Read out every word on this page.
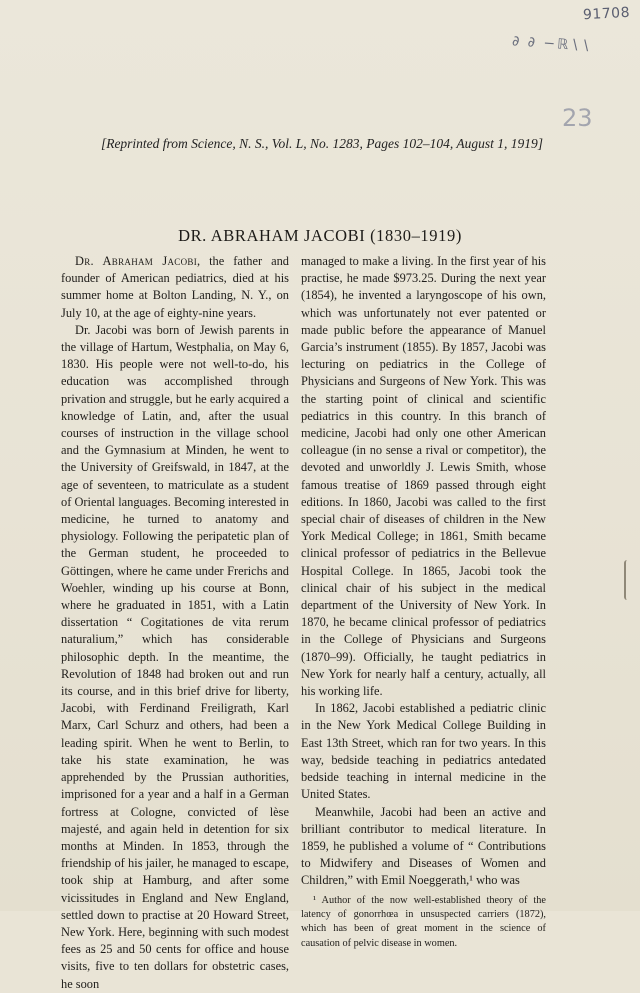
91708
∂ ∂ −ℝ∖∖
23
[Reprinted from Science, N. S., Vol. L, No. 1283, Pages 102–104, August 1, 1919]
DR. ABRAHAM JACOBI (1830–1919)

Dr. Abraham Jacobi, the father and founder of American pediatrics, died at his summer home at Bolton Landing, N. Y., on July 10, at the age of eighty-nine years.

Dr. Jacobi was born of Jewish parents in the village of Hartum, Westphalia, on May 6, 1830. His people were not well-to-do, his education was accomplished through privation and struggle, but he early acquired a knowledge of Latin, and, after the usual courses of instruction in the village school and the Gymnasium at Minden, he went to the University of Greifswald, in 1847, at the age of seventeen, to matriculate as a student of Oriental languages. Becoming interested in medicine, he turned to anatomy and physiology. Following the peripatetic plan of the German student, he proceeded to Göttingen, where he came under Frerichs and Woehler, winding up his course at Bonn, where he graduated in 1851, with a Latin dissertation “ Cogitationes de vita rerum naturalium,” which has considerable philosophic depth. In the meantime, the Revolution of 1848 had broken out and run its course, and in this brief drive for liberty, Jacobi, with Ferdinand Freiligrath, Karl Marx, Carl Schurz and others, had been a leading spirit. When he went to Berlin, to take his state examination, he was apprehended by the Prussian authorities, imprisoned for a year and a half in a German fortress at Cologne, convicted of lèse majesté, and again held in detention for six months at Minden. In 1853, through the friendship of his jailer, he managed to escape, took ship at Hamburg, and after some vicissitudes in England and New England, settled down to practise at 20 Howard Street, New York. Here, beginning with such modest fees as 25 and 50 cents for office and house visits, five to ten dollars for obstetric cases, he soon

managed to make a living. In the first year of his practise, he made $973.25. During the next year (1854), he invented a laryngoscope of his own, which was unfortunately not ever patented or made public before the appearance of Manuel Garcia’s instrument (1855). By 1857, Jacobi was lecturing on pediatrics in the College of Physicians and Surgeons of New York. This was the starting point of clinical and scientific pediatrics in this country. In this branch of medicine, Jacobi had only one other American colleague (in no sense a rival or competitor), the devoted and unworldly J. Lewis Smith, whose famous treatise of 1869 passed through eight editions. In 1860, Jacobi was called to the first special chair of diseases of children in the New York Medical College; in 1861, Smith became clinical professor of pediatrics in the Bellevue Hospital College. In 1865, Jacobi took the clinical chair of his subject in the medical department of the University of New York. In 1870, he became clinical professor of pediatrics in the College of Physicians and Surgeons (1870–99). Officially, he taught pediatrics in New York for nearly half a century, actually, all his working life.

In 1862, Jacobi established a pediatric clinic in the New York Medical College Building in East 13th Street, which ran for two years. In this way, bedside teaching in pediatrics antedated bedside teaching in internal medicine in the United States.

Meanwhile, Jacobi had been an active and brilliant contributor to medical literature. In 1859, he published a volume of “ Contributions to Midwifery and Diseases of Women and Children,” with Emil Noeggerath,¹ who was

¹ Author of the now well-established theory of the latency of gonorrhœa in unsuspected carriers (1872), which has been of great moment in the science of causation of pelvic disease in women.
